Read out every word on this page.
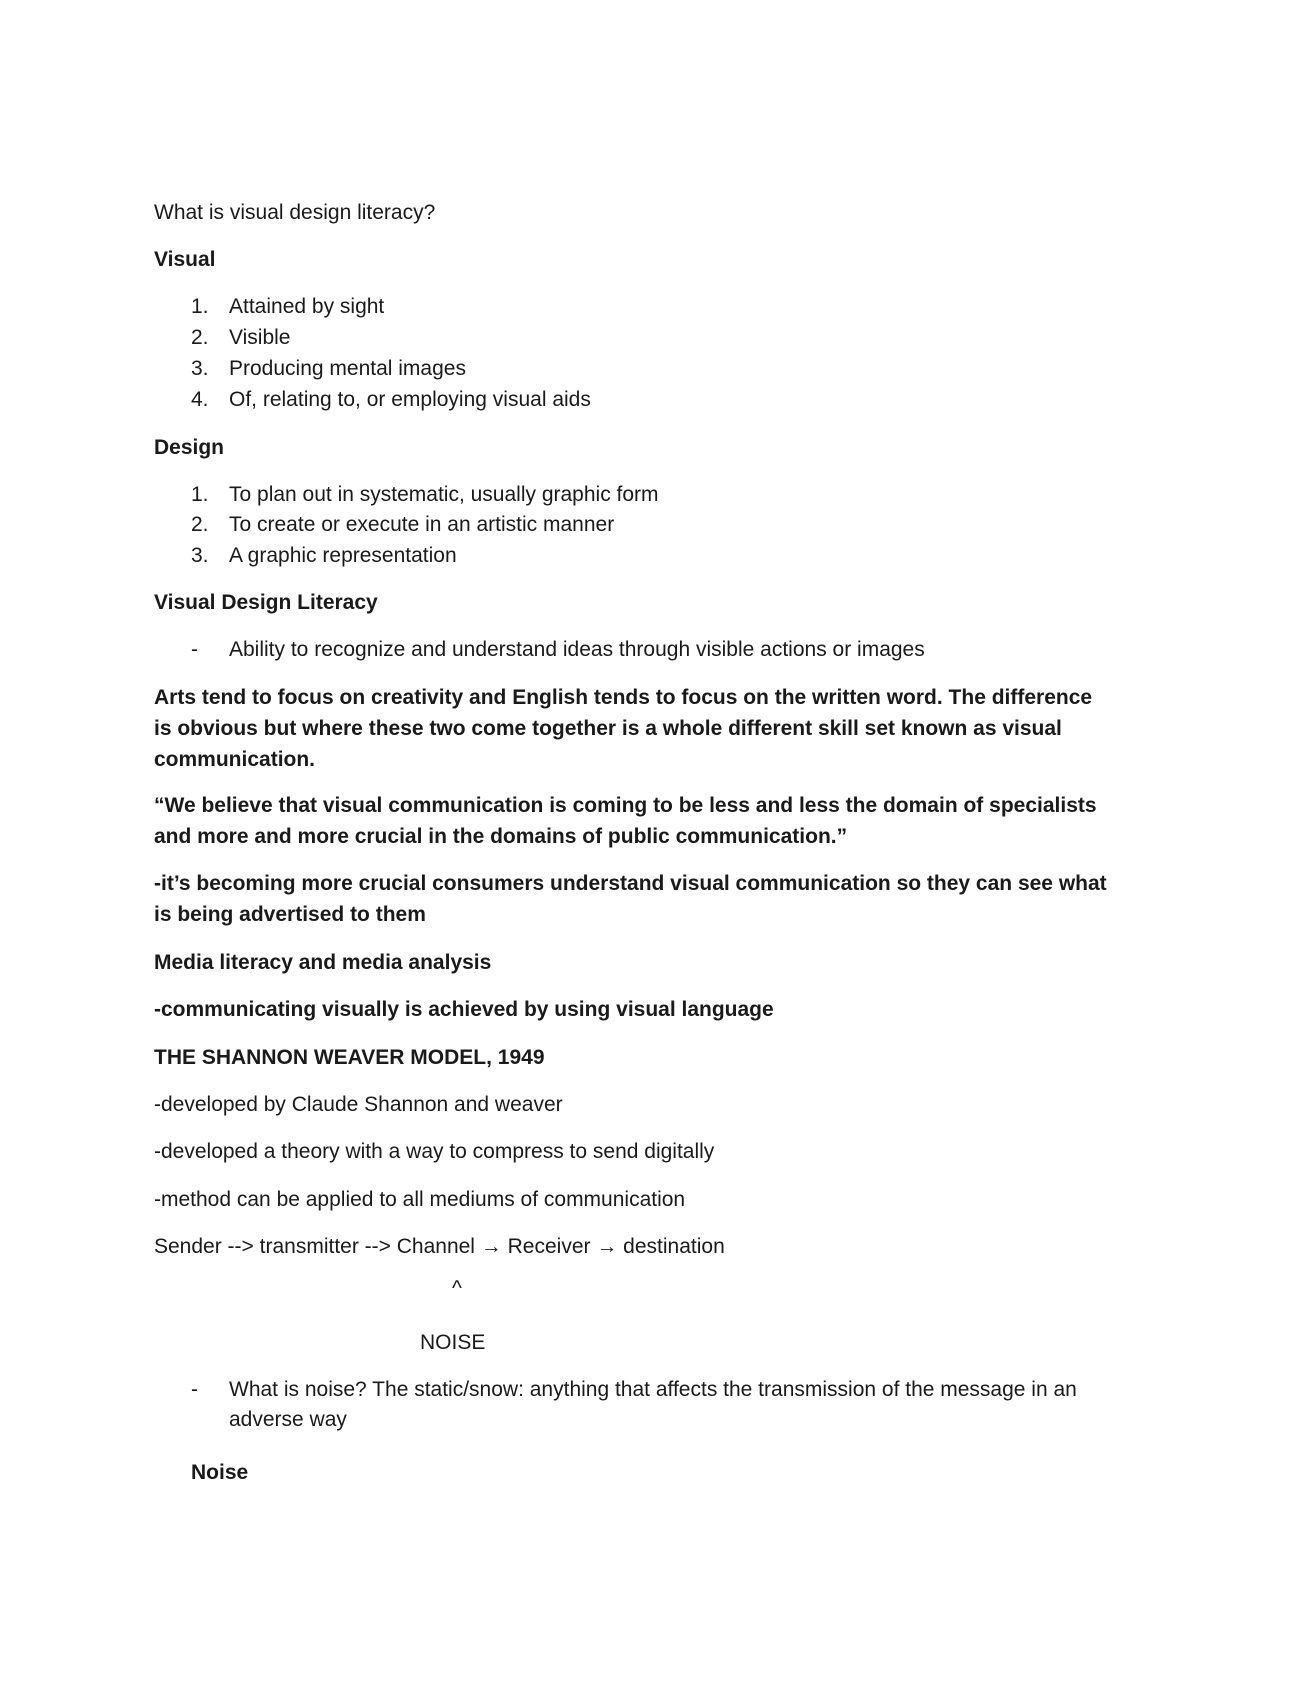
What is visual design literacy?
Visual
1. Attained by sight
2. Visible
3. Producing mental images
4. Of, relating to, or employing visual aids
Design
1. To plan out in systematic, usually graphic form
2. To create or execute in an artistic manner
3. A graphic representation
Visual Design Literacy
- Ability to recognize and understand ideas through visible actions or images
Arts tend to focus on creativity and English tends to focus on the written word. The difference is obvious but where these two come together is a whole different skill set known as visual communication.
“We believe that visual communication is coming to be less and less the domain of specialists and more and more crucial in the domains of public communication.”
-it’s becoming more crucial consumers understand visual communication so they can see what is being advertised to them
Media literacy and media analysis
-communicating visually is achieved by using visual language
THE SHANNON WEAVER MODEL, 1949
-developed by Claude Shannon and weaver
-developed a theory with a way to compress to send digitally
-method can be applied to all mediums of communication
Sender --> transmitter --> Channel → Receiver → destination
^
NOISE
- What is noise? The static/snow: anything that affects the transmission of the message in an adverse way
Noise
